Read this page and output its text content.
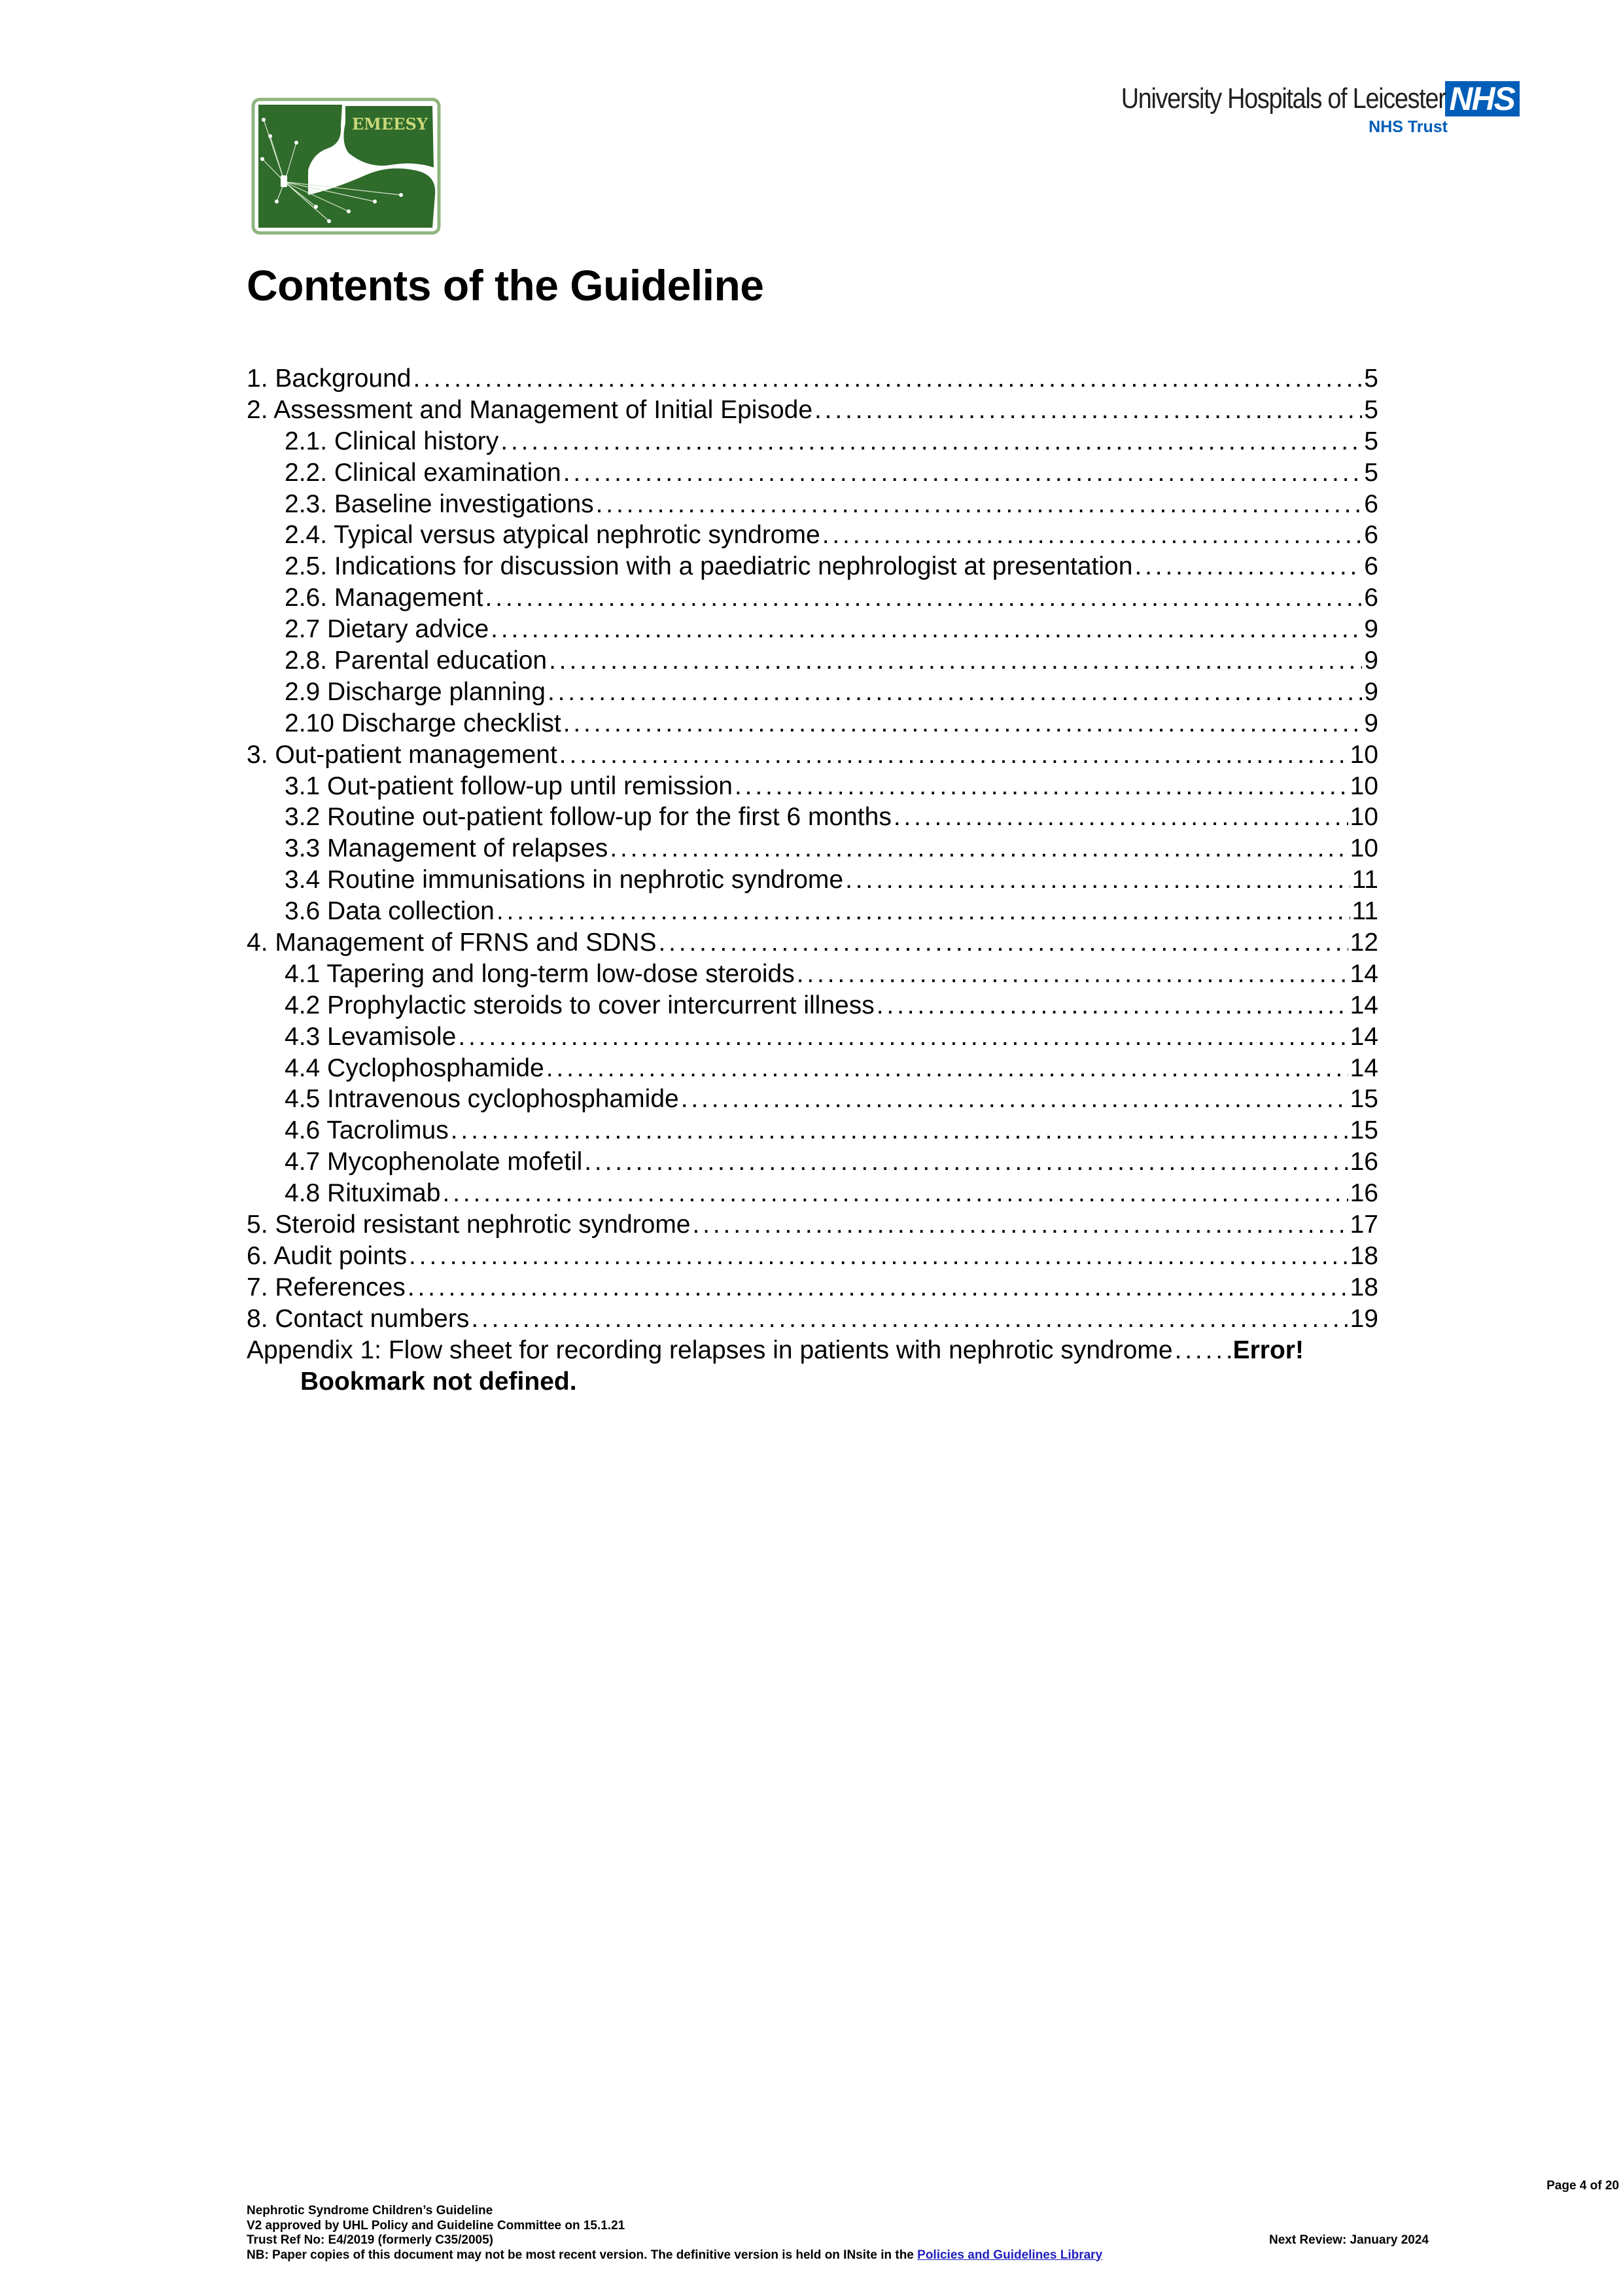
EMEESY
University Hospitals of Leicester NHS
NHS Trust
Contents of the Guideline
1. Background . . .	5
2. Assessment and Management of Initial Episode . . .	5
2.1. Clinical history . . .	5
2.2. Clinical examination . . .	5
2.3. Baseline investigations . . .	6
2.4. Typical versus atypical nephrotic syndrome . . .	6
2.5. Indications for discussion with a paediatric nephrologist at presentation . . .	6
2.6. Management . . .	6
2.7 Dietary advice . . .	9
2.8. Parental education . . .	9
2.9 Discharge planning . . .	9
2.10 Discharge checklist . . .	9
3. Out-patient management . . .	10
3.1 Out-patient follow-up until remission . . .	10
3.2 Routine out-patient follow-up for the first 6 months . . .	10
3.3 Management of relapses . . .	10
3.4 Routine immunisations in nephrotic syndrome . . .	11
3.6 Data collection . . .	11
4. Management of FRNS and SDNS . . .	12
4.1 Tapering and long-term low-dose steroids . . .	14
4.2 Prophylactic steroids to cover intercurrent illness . . .	14
4.3 Levamisole . . .	14
4.4 Cyclophosphamide . . .	14
4.5 Intravenous cyclophosphamide . . .	15
4.6 Tacrolimus . . .	15
4.7 Mycophenolate mofetil . . .	16
4.8 Rituximab . . .	16
5. Steroid resistant nephrotic syndrome . . .	17
6. Audit points . . .	18
7. References . . .	18
8. Contact numbers . . .	19
Appendix 1: Flow sheet for recording relapses in patients with nephrotic syndrome . . . Error!
Bookmark not defined.
Page 4 of 20
Nephrotic Syndrome Children’s Guideline
V2 approved by UHL Policy and Guideline Committee on 15.1.21
Trust Ref No: E4/2019 (formerly C35/2005)	Next Review: January 2024
NB: Paper copies of this document may not be most recent version. The definitive version is held on INsite in the Policies and Guidelines Library
